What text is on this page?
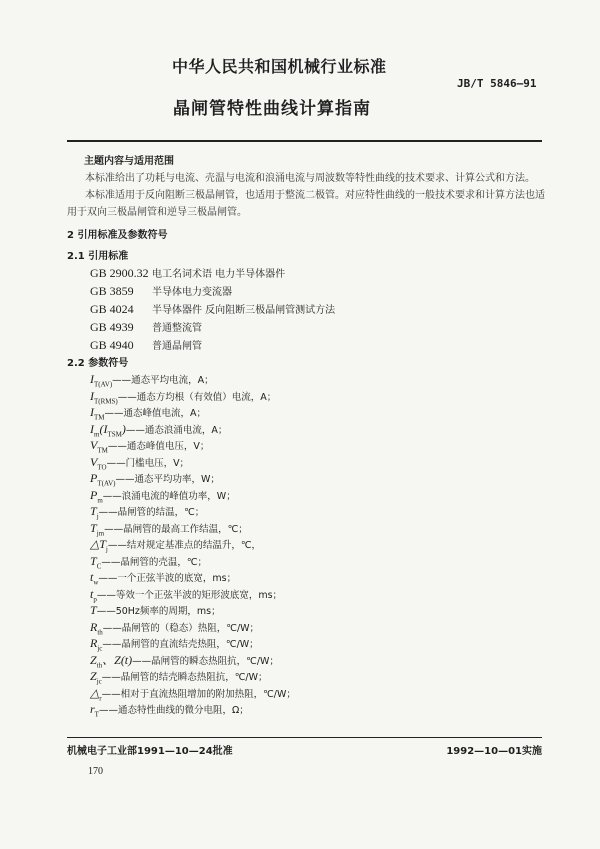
中华人民共和国机械行业标准
JB/T 5846—91
晶闸管特性曲线计算指南
主题内容与适用范围
本标准给出了功耗与电流、壳温与电流和浪涌电流与周波数等特性曲线的技术要求、计算公式和方法。
本标准适用于反向阻断三极晶闸管，也适用于整流二极管。对应特性曲线的一般技术要求和计算方法也适用于双向三极晶闸管和逆导三极晶闸管。
2 引用标准及参数符号
2.1 引用标准
GB 2900.32 电工名词术语 电力半导体器件
GB 3859 半导体电力变流器
GB 4024 半导体器件 反向阻断三极晶闸管测试方法
GB 4939 普通整流管
GB 4940 普通晶闸管
2.2 参数符号
$I_{T(AV)}——$通态平均电流，A；
$I_{T(RMS)}——$通态方均根（有效值）电流，A；
$I_{TM}——$通态峰值电流，A；
$I_m(I_{TSM})——$通态浪涌电流，A；
$V_{TM}——$通态峰值电压，V；
$V_{TO}——$门槛电压，V；
$P_{T(AV)}——$通态平均功率，W；
$P_m——$浪涌电流的峰值功率，W；
$T_j——$晶闸管的结温，℃；
$T_{jm}——$晶闸管的最高工作结温，℃；
$\triangle T_j——$结对规定基准点的结温升，℃，
$T_C——$晶闸管的壳温，℃；
$t_w——$一个正弦半波的底宽，ms；
$t_p——$等效一个正弦半波的矩形波底宽，ms；
T——50Hz频率的周期，ms；
$R_{th}——$晶闸管的（稳态）热阻，℃/W；
$R_{jc}——$晶闸管的直流结壳热阻，℃/W；
$Z_{th}$、Z(t)——晶闸管的瞬态热阻抗，℃/W；
$Z_{jc}——$晶闸管的结壳瞬态热阻抗，℃/W；
$\triangle_r——$相对于直流热阻增加的附加热阻，℃/W；
$r_T——$通态特性曲线的微分电阻，Ω；
机械电子工业部1991—10—24批准	1992—10—01实施
170
